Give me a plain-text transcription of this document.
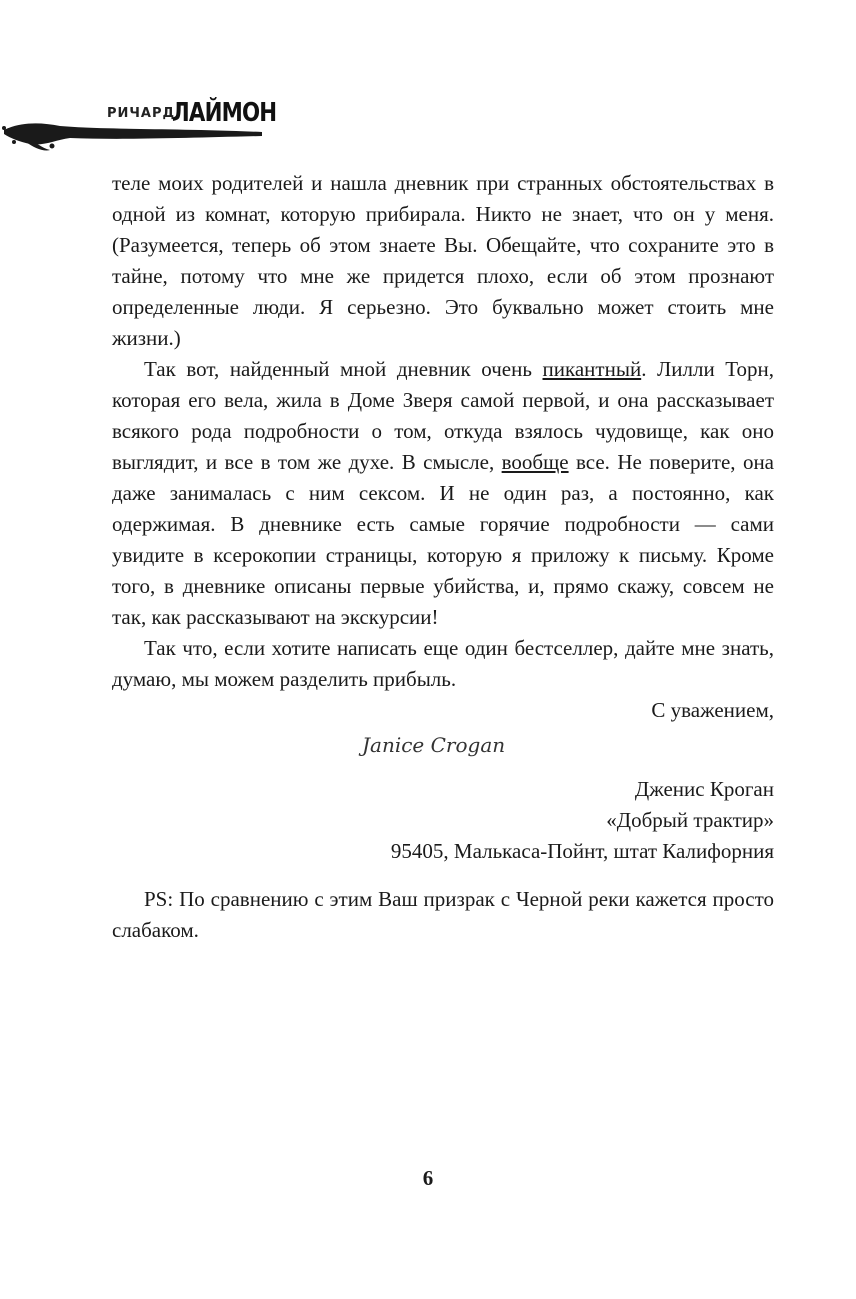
РИЧАРД
ЛАЙМОН

теле моих родителей и нашла дневник при странных обстоятельствах в одной из комнат, которую прибирала. Никто не знает, что он у меня. (Разумеется, теперь об этом знаете Вы. Обещайте, что сохраните это в тайне, потому что мне же придется плохо, если об этом прознают определенные люди. Я серьезно. Это буквально может стоить мне жизни.)

Так вот, найденный мной дневник очень пикантный. Лилли Торн, которая его вела, жила в Доме Зверя самой первой, и она рассказывает всякого рода подробности о том, откуда взялось чудовище, как оно выглядит, и все в том же духе. В смысле, вообще все. Не поверите, она даже занималась с ним сексом. И не один раз, а постоянно, как одержимая. В дневнике есть самые горячие подробности — сами увидите в ксерокопии страницы, которую я приложу к письму. Кроме того, в дневнике описаны первые убийства, и, прямо скажу, совсем не так, как рассказывают на экскурсии!

Так что, если хотите написать еще один бестселлер, дайте мне знать, думаю, мы можем разделить прибыль.

С уважением,

Janice Crogan

Дженис Кроган

«Добрый трактир»

95405, Малькаса-Пойнт, штат Калифорния

PS: По сравнению с этим Ваш призрак с Черной реки кажется просто слабаком.

6
